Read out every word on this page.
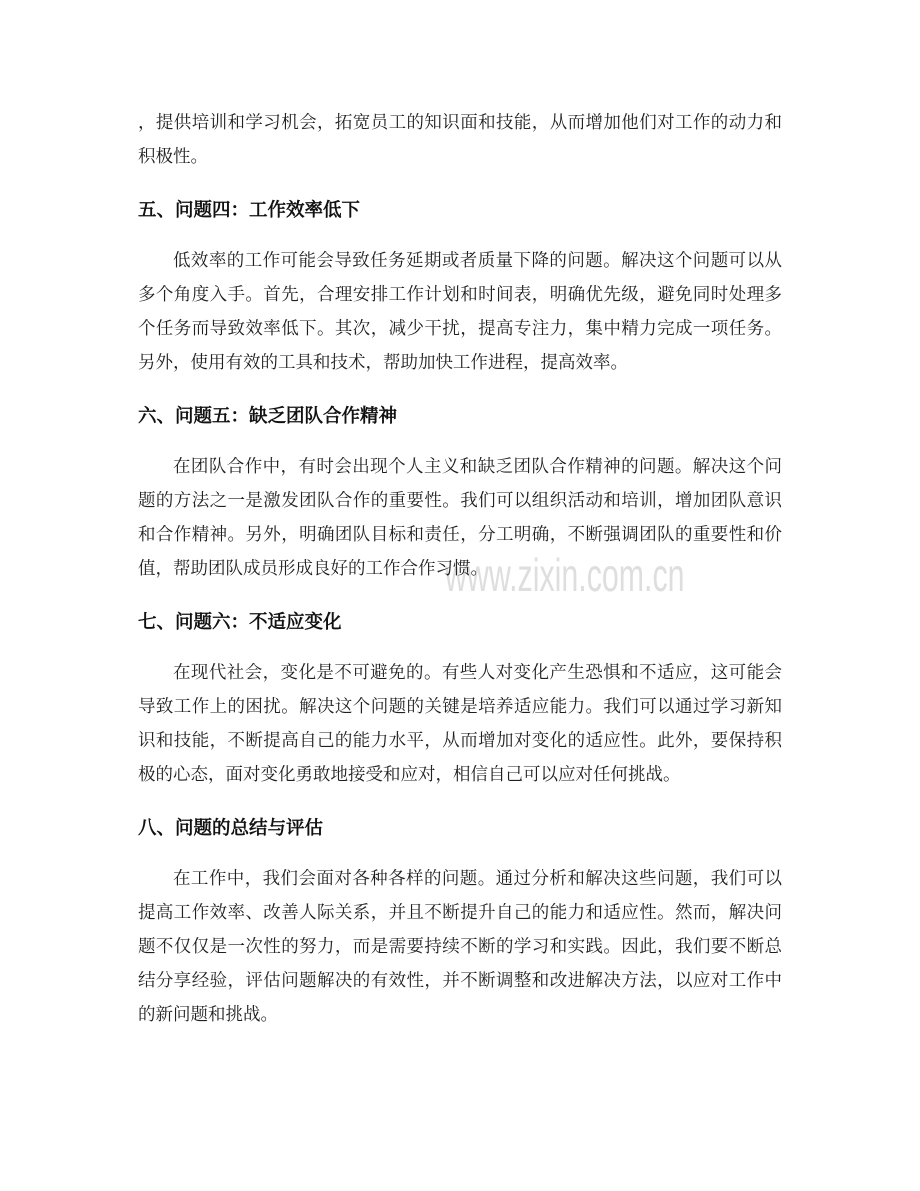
www.zixin.com.cn
，提供培训和学习机会，拓宽员工的知识面和技能，从而增加他们对工作的动力和
积极性。
五、问题四：工作效率低下
低效率的工作可能会导致任务延期或者质量下降的问题。解决这个问题可以从
多个角度入手。首先，合理安排工作计划和时间表，明确优先级，避免同时处理多
个任务而导致效率低下。其次，减少干扰，提高专注力，集中精力完成一项任务。
另外，使用有效的工具和技术，帮助加快工作进程，提高效率。
六、问题五：缺乏团队合作精神
在团队合作中，有时会出现个人主义和缺乏团队合作精神的问题。解决这个问
题的方法之一是激发团队合作的重要性。我们可以组织活动和培训，增加团队意识
和合作精神。另外，明确团队目标和责任，分工明确，不断强调团队的重要性和价
值，帮助团队成员形成良好的工作合作习惯。
七、问题六：不适应变化
在现代社会，变化是不可避免的。有些人对变化产生恐惧和不适应，这可能会
导致工作上的困扰。解决这个问题的关键是培养适应能力。我们可以通过学习新知
识和技能，不断提高自己的能力水平，从而增加对变化的适应性。此外，要保持积
极的心态，面对变化勇敢地接受和应对，相信自己可以应对任何挑战。
八、问题的总结与评估
在工作中，我们会面对各种各样的问题。通过分析和解决这些问题，我们可以
提高工作效率、改善人际关系，并且不断提升自己的能力和适应性。然而，解决问
题不仅仅是一次性的努力，而是需要持续不断的学习和实践。因此，我们要不断总
结分享经验，评估问题解决的有效性，并不断调整和改进解决方法，以应对工作中
的新问题和挑战。
